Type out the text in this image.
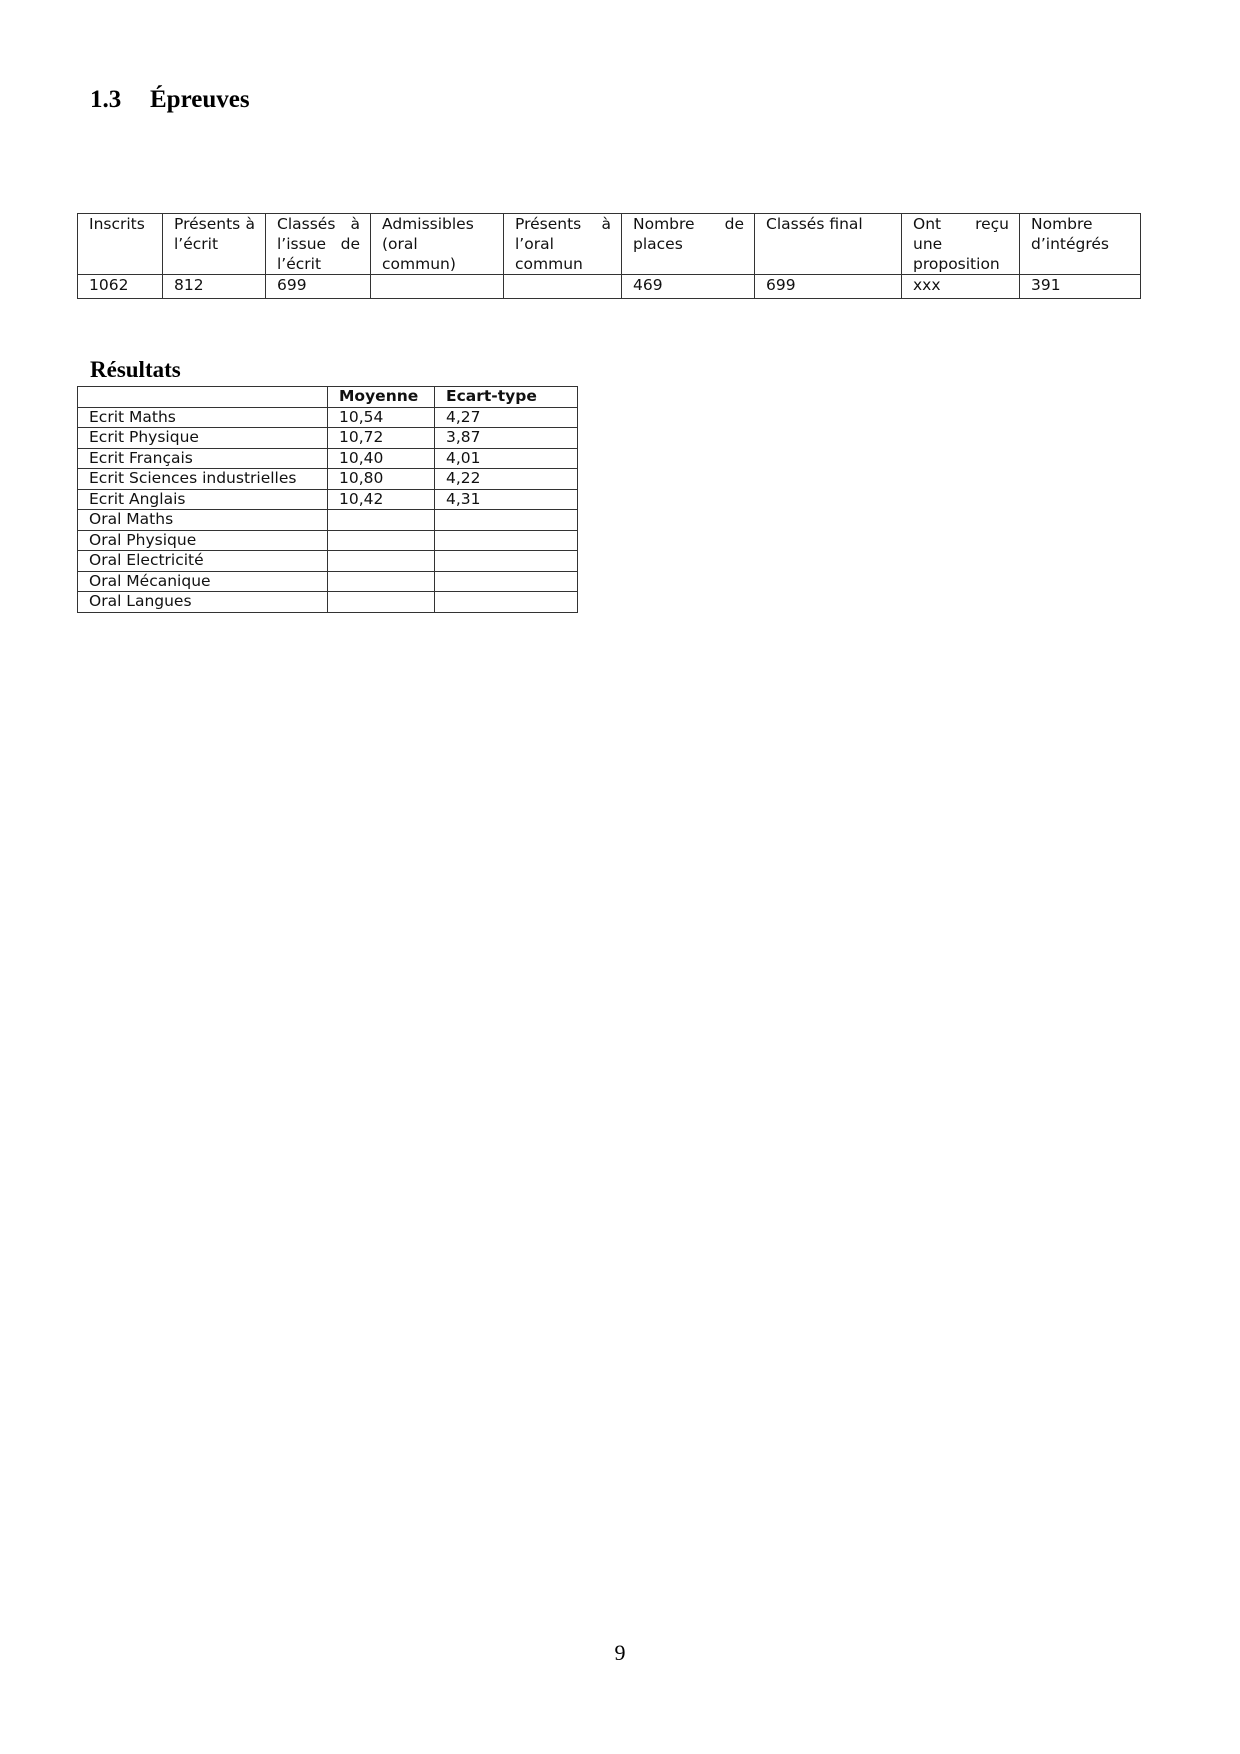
1.3 Épreuves
Inscrits	Présents à l’écrit	Classés à l’issue de l’écrit	Admissibles (oral commun)	Présents à l’oral commun	Nombre de places	Classés final	Ont reçu une proposition	Nombre d’intégrés
1062	812	699			469	699	xxx	391
Résultats
	Moyenne	Ecart-type
Ecrit Maths	10,54	4,27
Ecrit Physique	10,72	3,87
Ecrit Français	10,40	4,01
Ecrit Sciences industrielles	10,80	4,22
Ecrit Anglais	10,42	4,31
Oral Maths		
Oral Physique		
Oral Electricité		
Oral Mécanique		
Oral Langues		
9
